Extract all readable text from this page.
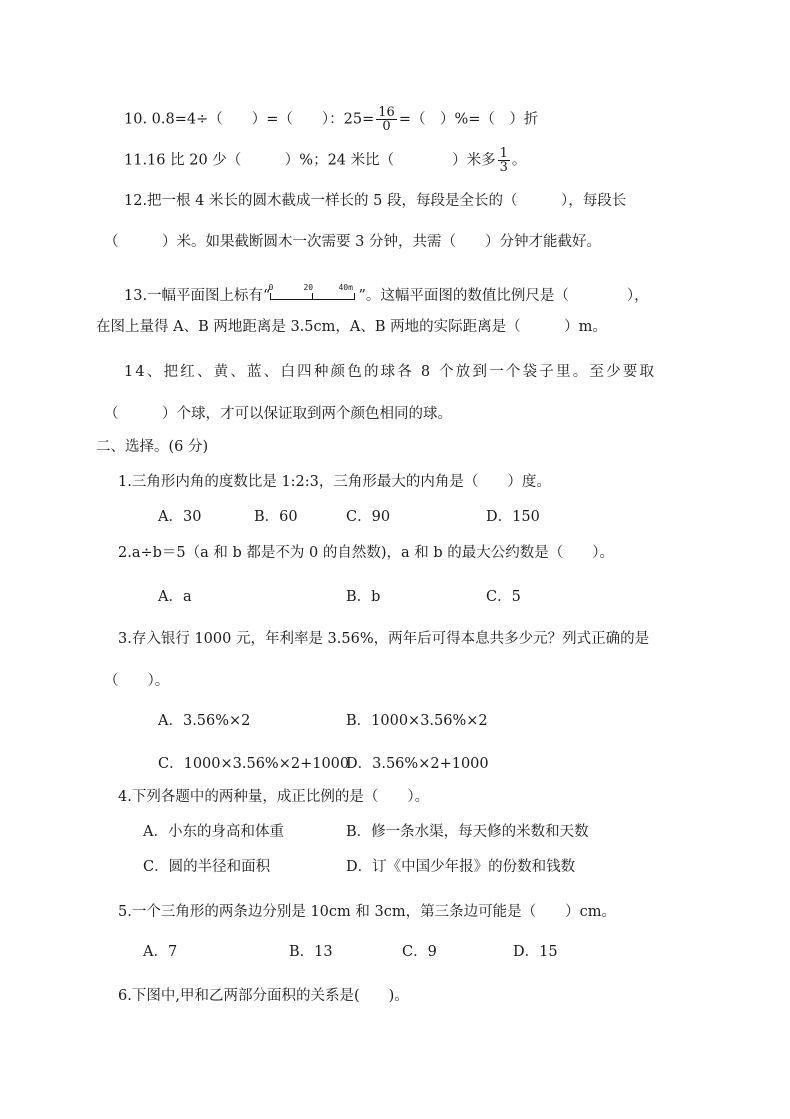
10. 0.8=4÷（　　）=（　　）：$25= \frac{16}{0}$ =（　）%=（　）折
11.16 比 20 少（　　　）%；24 米比（　　　　）米多 $\frac{1}{3}$ 。
12.把一根 4 米长的圆木截成一样长的 5 段，每段是全长的（　　　），每段长
（　　　）米。如果截断圆木一次需要 3 分钟，共需（　　）分钟才能截好。
13.一幅平面图上标有“
0	20	40m
”。这幅平面图的数值比例尺是（　　　　），
在图上量得 A、B 两地距离是 3.5cm，A、B 两地的实际距离是（　　　）m。
14、把红、黄、蓝、白四种颜色的球各 8 个放到一个袋子里。至少要取
（　　　）个球，才可以保证取到两个颜色相同的球。
二、选择。(6 分)
1.三角形内角的度数比是 1:2:3，三角形最大的内角是（　　）度。
A．30	B．60	C．90	D．150
2.a÷b＝5（a 和 b 都是不为 0 的自然数)，a 和 b 的最大公约数是（　　）。
A．a	B．b	C．5
3.存入银行 1000 元，年利率是 3.56%，两年后可得本息共多少元？列式正确的是
（　　）。
A．3.56%×2	B．1000×3.56%×2
C．1000×3.56%×2+1000
D．3.56%×2+1000
4.下列各题中的两种量，成正比例的是（　　）。
A．小东的身高和体重	B．修一条水渠，每天修的米数和天数
C．圆的半径和面积	D．订《中国少年报》的份数和钱数
5.一个三角形的两条边分别是 10cm 和 3cm，第三条边可能是（　　）cm。
A．7	B．13	C．9	D．15
6.下图中,甲和乙两部分面积的关系是(　　)。
